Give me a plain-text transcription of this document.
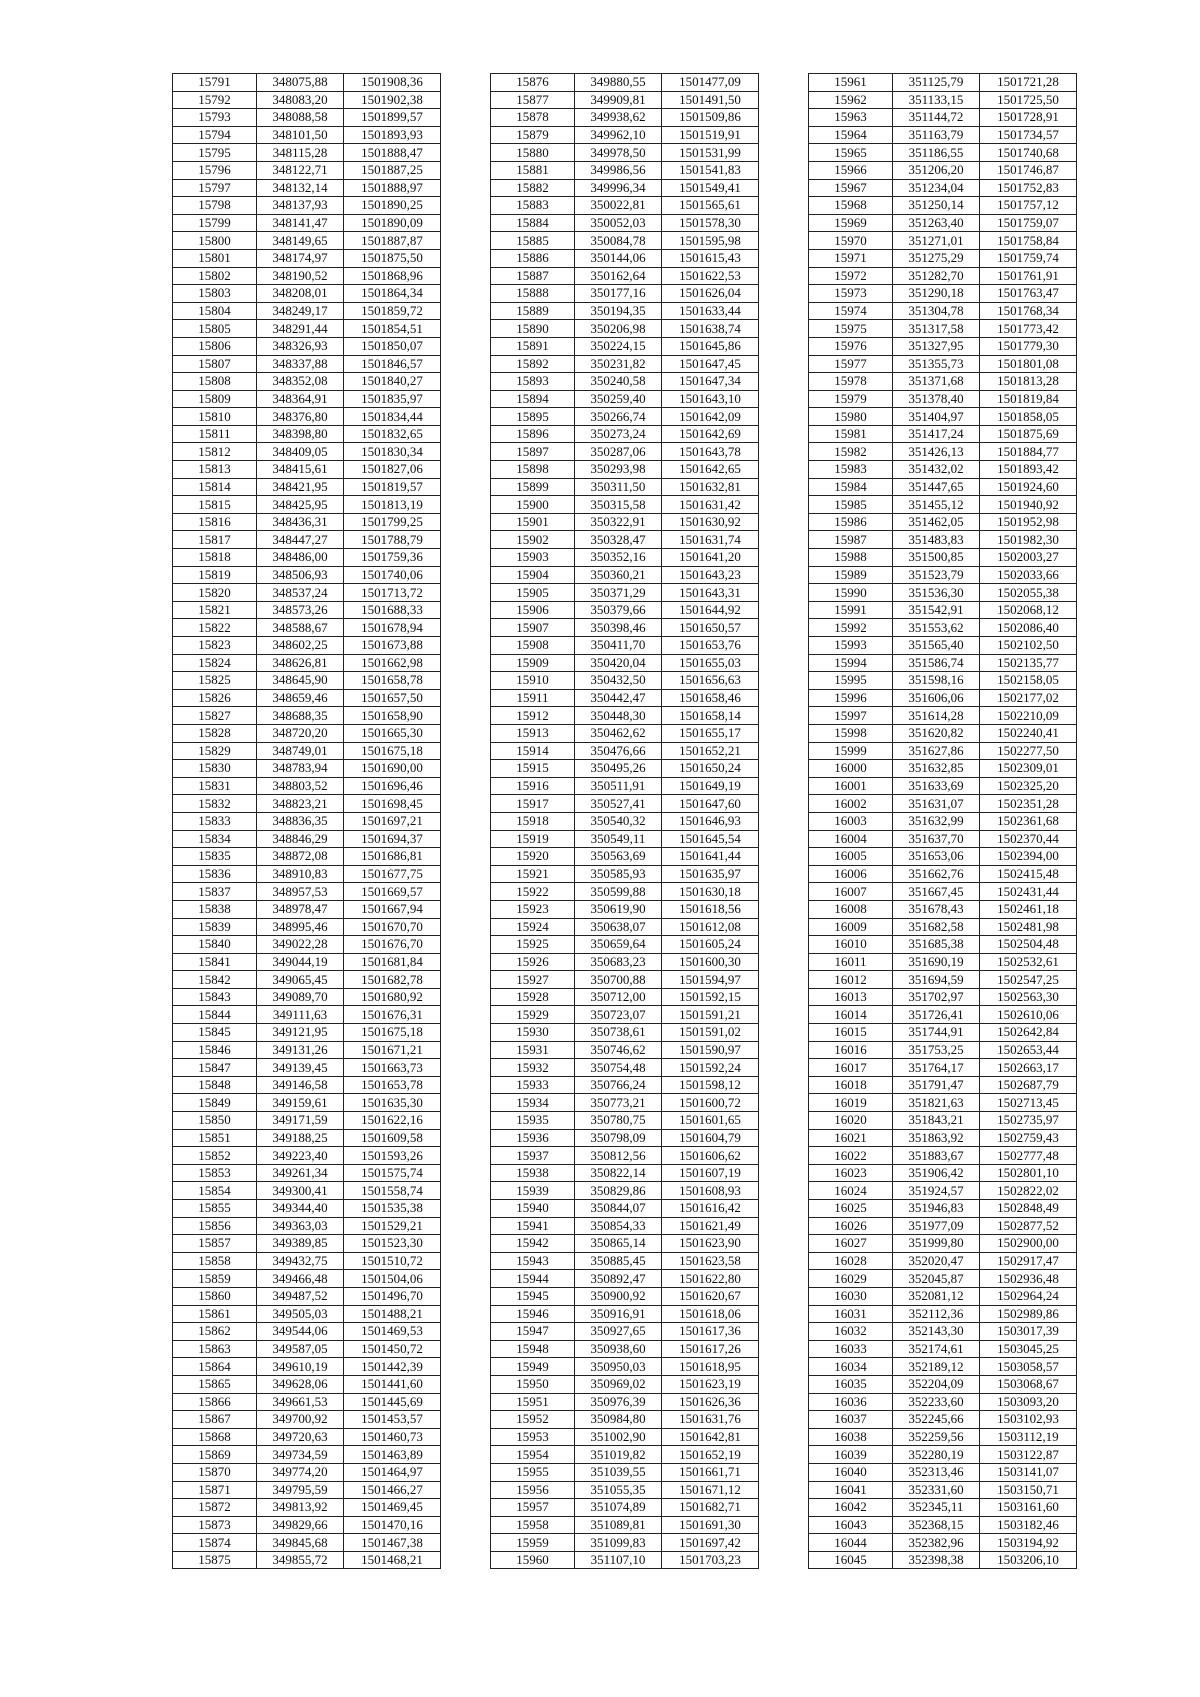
15791	348075,88	1501908,36
15792	348083,20	1501902,38
15793	348088,58	1501899,57
15794	348101,50	1501893,93
15795	348115,28	1501888,47
15796	348122,71	1501887,25
15797	348132,14	1501888,97
15798	348137,93	1501890,25
15799	348141,47	1501890,09
15800	348149,65	1501887,87
15801	348174,97	1501875,50
15802	348190,52	1501868,96
15803	348208,01	1501864,34
15804	348249,17	1501859,72
15805	348291,44	1501854,51
15806	348326,93	1501850,07
15807	348337,88	1501846,57
15808	348352,08	1501840,27
15809	348364,91	1501835,97
15810	348376,80	1501834,44
15811	348398,80	1501832,65
15812	348409,05	1501830,34
15813	348415,61	1501827,06
15814	348421,95	1501819,57
15815	348425,95	1501813,19
15816	348436,31	1501799,25
15817	348447,27	1501788,79
15818	348486,00	1501759,36
15819	348506,93	1501740,06
15820	348537,24	1501713,72
15821	348573,26	1501688,33
15822	348588,67	1501678,94
15823	348602,25	1501673,88
15824	348626,81	1501662,98
15825	348645,90	1501658,78
15826	348659,46	1501657,50
15827	348688,35	1501658,90
15828	348720,20	1501665,30
15829	348749,01	1501675,18
15830	348783,94	1501690,00
15831	348803,52	1501696,46
15832	348823,21	1501698,45
15833	348836,35	1501697,21
15834	348846,29	1501694,37
15835	348872,08	1501686,81
15836	348910,83	1501677,75
15837	348957,53	1501669,57
15838	348978,47	1501667,94
15839	348995,46	1501670,70
15840	349022,28	1501676,70
15841	349044,19	1501681,84
15842	349065,45	1501682,78
15843	349089,70	1501680,92
15844	349111,63	1501676,31
15845	349121,95	1501675,18
15846	349131,26	1501671,21
15847	349139,45	1501663,73
15848	349146,58	1501653,78
15849	349159,61	1501635,30
15850	349171,59	1501622,16
15851	349188,25	1501609,58
15852	349223,40	1501593,26
15853	349261,34	1501575,74
15854	349300,41	1501558,74
15855	349344,40	1501535,38
15856	349363,03	1501529,21
15857	349389,85	1501523,30
15858	349432,75	1501510,72
15859	349466,48	1501504,06
15860	349487,52	1501496,70
15861	349505,03	1501488,21
15862	349544,06	1501469,53
15863	349587,05	1501450,72
15864	349610,19	1501442,39
15865	349628,06	1501441,60
15866	349661,53	1501445,69
15867	349700,92	1501453,57
15868	349720,63	1501460,73
15869	349734,59	1501463,89
15870	349774,20	1501464,97
15871	349795,59	1501466,27
15872	349813,92	1501469,45
15873	349829,66	1501470,16
15874	349845,68	1501467,38
15875	349855,72	1501468,21
15876	349880,55	1501477,09
15877	349909,81	1501491,50
15878	349938,62	1501509,86
15879	349962,10	1501519,91
15880	349978,50	1501531,99
15881	349986,56	1501541,83
15882	349996,34	1501549,41
15883	350022,81	1501565,61
15884	350052,03	1501578,30
15885	350084,78	1501595,98
15886	350144,06	1501615,43
15887	350162,64	1501622,53
15888	350177,16	1501626,04
15889	350194,35	1501633,44
15890	350206,98	1501638,74
15891	350224,15	1501645,86
15892	350231,82	1501647,45
15893	350240,58	1501647,34
15894	350259,40	1501643,10
15895	350266,74	1501642,09
15896	350273,24	1501642,69
15897	350287,06	1501643,78
15898	350293,98	1501642,65
15899	350311,50	1501632,81
15900	350315,58	1501631,42
15901	350322,91	1501630,92
15902	350328,47	1501631,74
15903	350352,16	1501641,20
15904	350360,21	1501643,23
15905	350371,29	1501643,31
15906	350379,66	1501644,92
15907	350398,46	1501650,57
15908	350411,70	1501653,76
15909	350420,04	1501655,03
15910	350432,50	1501656,63
15911	350442,47	1501658,46
15912	350448,30	1501658,14
15913	350462,62	1501655,17
15914	350476,66	1501652,21
15915	350495,26	1501650,24
15916	350511,91	1501649,19
15917	350527,41	1501647,60
15918	350540,32	1501646,93
15919	350549,11	1501645,54
15920	350563,69	1501641,44
15921	350585,93	1501635,97
15922	350599,88	1501630,18
15923	350619,90	1501618,56
15924	350638,07	1501612,08
15925	350659,64	1501605,24
15926	350683,23	1501600,30
15927	350700,88	1501594,97
15928	350712,00	1501592,15
15929	350723,07	1501591,21
15930	350738,61	1501591,02
15931	350746,62	1501590,97
15932	350754,48	1501592,24
15933	350766,24	1501598,12
15934	350773,21	1501600,72
15935	350780,75	1501601,65
15936	350798,09	1501604,79
15937	350812,56	1501606,62
15938	350822,14	1501607,19
15939	350829,86	1501608,93
15940	350844,07	1501616,42
15941	350854,33	1501621,49
15942	350865,14	1501623,90
15943	350885,45	1501623,58
15944	350892,47	1501622,80
15945	350900,92	1501620,67
15946	350916,91	1501618,06
15947	350927,65	1501617,36
15948	350938,60	1501617,26
15949	350950,03	1501618,95
15950	350969,02	1501623,19
15951	350976,39	1501626,36
15952	350984,80	1501631,76
15953	351002,90	1501642,81
15954	351019,82	1501652,19
15955	351039,55	1501661,71
15956	351055,35	1501671,12
15957	351074,89	1501682,71
15958	351089,81	1501691,30
15959	351099,83	1501697,42
15960	351107,10	1501703,23
15961	351125,79	1501721,28
15962	351133,15	1501725,50
15963	351144,72	1501728,91
15964	351163,79	1501734,57
15965	351186,55	1501740,68
15966	351206,20	1501746,87
15967	351234,04	1501752,83
15968	351250,14	1501757,12
15969	351263,40	1501759,07
15970	351271,01	1501758,84
15971	351275,29	1501759,74
15972	351282,70	1501761,91
15973	351290,18	1501763,47
15974	351304,78	1501768,34
15975	351317,58	1501773,42
15976	351327,95	1501779,30
15977	351355,73	1501801,08
15978	351371,68	1501813,28
15979	351378,40	1501819,84
15980	351404,97	1501858,05
15981	351417,24	1501875,69
15982	351426,13	1501884,77
15983	351432,02	1501893,42
15984	351447,65	1501924,60
15985	351455,12	1501940,92
15986	351462,05	1501952,98
15987	351483,83	1501982,30
15988	351500,85	1502003,27
15989	351523,79	1502033,66
15990	351536,30	1502055,38
15991	351542,91	1502068,12
15992	351553,62	1502086,40
15993	351565,40	1502102,50
15994	351586,74	1502135,77
15995	351598,16	1502158,05
15996	351606,06	1502177,02
15997	351614,28	1502210,09
15998	351620,82	1502240,41
15999	351627,86	1502277,50
16000	351632,85	1502309,01
16001	351633,69	1502325,20
16002	351631,07	1502351,28
16003	351632,99	1502361,68
16004	351637,70	1502370,44
16005	351653,06	1502394,00
16006	351662,76	1502415,48
16007	351667,45	1502431,44
16008	351678,43	1502461,18
16009	351682,58	1502481,98
16010	351685,38	1502504,48
16011	351690,19	1502532,61
16012	351694,59	1502547,25
16013	351702,97	1502563,30
16014	351726,41	1502610,06
16015	351744,91	1502642,84
16016	351753,25	1502653,44
16017	351764,17	1502663,17
16018	351791,47	1502687,79
16019	351821,63	1502713,45
16020	351843,21	1502735,97
16021	351863,92	1502759,43
16022	351883,67	1502777,48
16023	351906,42	1502801,10
16024	351924,57	1502822,02
16025	351946,83	1502848,49
16026	351977,09	1502877,52
16027	351999,80	1502900,00
16028	352020,47	1502917,47
16029	352045,87	1502936,48
16030	352081,12	1502964,24
16031	352112,36	1502989,86
16032	352143,30	1503017,39
16033	352174,61	1503045,25
16034	352189,12	1503058,57
16035	352204,09	1503068,67
16036	352233,60	1503093,20
16037	352245,66	1503102,93
16038	352259,56	1503112,19
16039	352280,19	1503122,87
16040	352313,46	1503141,07
16041	352331,60	1503150,71
16042	352345,11	1503161,60
16043	352368,15	1503182,46
16044	352382,96	1503194,92
16045	352398,38	1503206,10
